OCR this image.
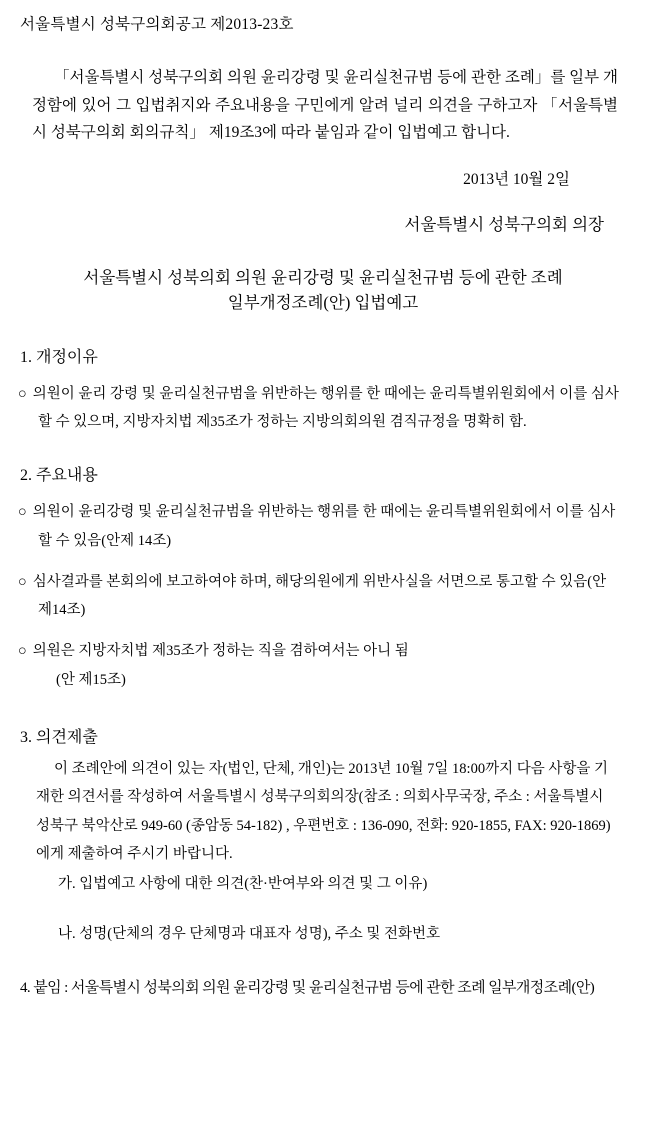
서울특별시 성북구의회공고 제2013-23호
「서울특별시 성북구의회 의원 윤리강령 및 윤리실천규범 등에 관한 조례」를 일부 개정함에 있어 그 입법취지와 주요내용을 구민에게 알려 널리 의견을 구하고자 「서울특별시 성북구의회 회의규칙」 제19조3에 따라 붙임과 같이 입법예고 합니다.
2013년 10월 2일
서울특별시 성북구의회 의장
서울특별시 성북의회 의원 윤리강령 및 윤리실천규범 등에 관한 조례
일부개정조례(안) 입법예고
1. 개정이유
○ 의원이 윤리 강령 및 윤리실천규범을 위반하는 행위를 한 때에는 윤리특별위원회에서 이를 심사할 수 있으며, 지방자치법 제35조가 정하는 지방의회의원 겸직규정을 명확히 함.
2. 주요내용
○ 의원이 윤리강령 및 윤리실천규범을 위반하는 행위를 한 때에는 윤리특별위원회에서 이를 심사할 수 있음(안제 14조)
○ 심사결과를 본회의에 보고하여야 하며, 해당의원에게 위반사실을 서면으로 통고할 수 있음(안 제14조)
○ 의원은 지방자치법 제35조가 정하는 직을 겸하여서는 아니 됨
(안 제15조)
3. 의견제출
이 조례안에 의견이 있는 자(법인, 단체, 개인)는 2013년 10월 7일 18:00까지 다음 사항을 기재한 의견서를 작성하여 서울특별시 성북구의회의장(참조 : 의회사무국장, 주소 : 서울특별시 성북구 북악산로 949-60 (종암동 54-182) , 우편번호 : 136-090, 전화: 920-1855, FAX: 920-1869)에게 제출하여 주시기 바랍니다.
가. 입법예고 사항에 대한 의견(찬·반여부와 의견 및 그 이유)
나. 성명(단체의 경우 단체명과 대표자 성명), 주소 및 전화번호
4. 붙임 : 서울특별시 성북의회 의원 윤리강령 및 윤리실천규범 등에 관한 조례 일부개정조례(안)
